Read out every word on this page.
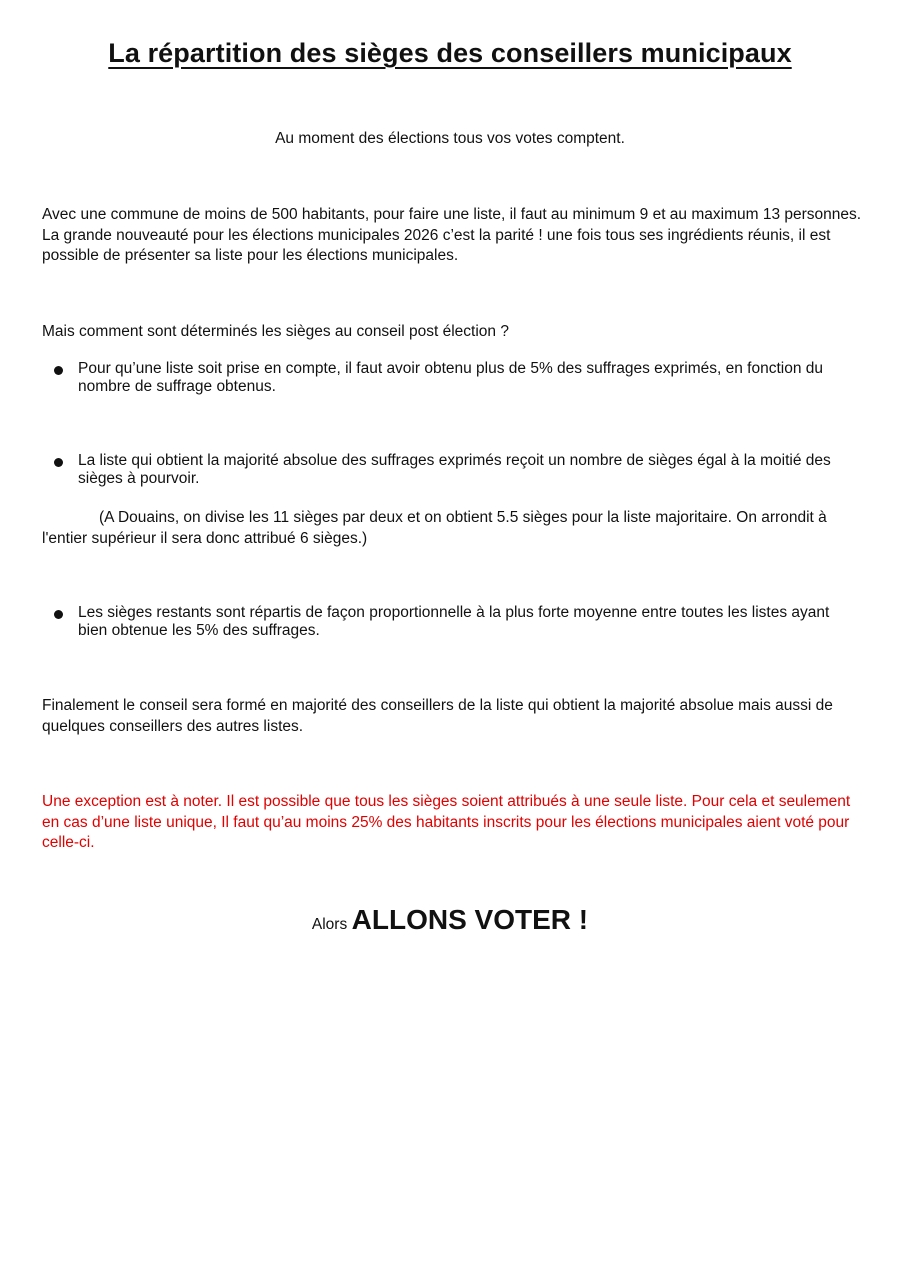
La répartition des sièges des conseillers municipaux

Au moment des élections tous vos votes comptent.

Avec une commune de moins de 500 habitants, pour faire une liste, il faut au minimum 9 et au maximum 13 personnes. La grande nouveauté pour les élections municipales 2026 c’est la parité ! une fois tous ses ingrédients réunis, il est possible de présenter sa liste pour les élections municipales.

Mais comment sont déterminés les sièges au conseil post élection ?

Pour qu’une liste soit prise en compte, il faut avoir obtenu plus de 5% des suffrages exprimés, en fonction du nombre de suffrage obtenus.
La liste qui obtient la majorité absolue des suffrages exprimés reçoit un nombre de sièges égal à la moitié des sièges à pourvoir.

(A Douains, on divise les 11 sièges par deux et on obtient 5.5 sièges pour la liste majoritaire. On arrondit à l'entier supérieur il sera donc attribué 6 sièges.)

Les sièges restants sont répartis de façon proportionnelle à la plus forte moyenne entre toutes les listes ayant bien obtenue les 5% des suffrages.

Finalement le conseil sera formé en majorité des conseillers de la liste qui obtient la majorité absolue mais aussi de quelques conseillers des autres listes.

Une exception est à noter. Il est possible que tous les sièges soient attribués à une seule liste. Pour cela et seulement en cas d’une liste unique, Il faut qu’au moins 25% des habitants inscrits pour les élections municipales aient voté pour celle-ci.

Alors ALLONS VOTER !
